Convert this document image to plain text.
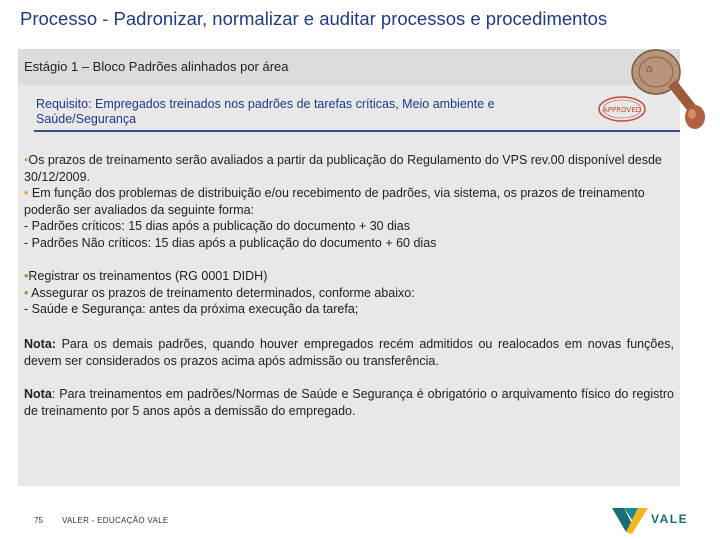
Processo - Padronizar, normalizar e auditar processos e procedimentos
Estágio 1 – Bloco Padrões alinhados por área	D
Requisito: Empregados treinados nos padrões de tarefas críticas, Meio ambiente e Saúde/Segurança
APPROVED
•Os prazos de treinamento serão avaliados a partir da publicação do Regulamento do VPS rev.00 disponível desde 30/12/2009.
• Em função dos problemas de distribuição e/ou recebimento de padrões, via sistema, os prazos de treinamento poderão ser avaliados da seguinte forma:
- Padrões críticos: 15 dias após a publicação do documento + 30 dias
- Padrões Não críticos: 15 dias após a publicação do documento + 60 dias
•Registrar os treinamentos (RG 0001 DIDH)
• Assegurar os prazos de treinamento determinados, conforme abaixo:
- Saúde e Segurança: antes da próxima execução da tarefa;
Nota: Para os demais padrões, quando houver empregados recém admitidos ou realocados em novas funções, devem ser considerados os prazos acima após admissão ou transferência.
Nota: Para treinamentos em padrões/Normas de Saúde e Segurança é obrigatório o arquivamento físico do registro de treinamento por 5 anos após a demissão do empregado.
75 VALER - EDUCAÇÃO VALE	VALE
